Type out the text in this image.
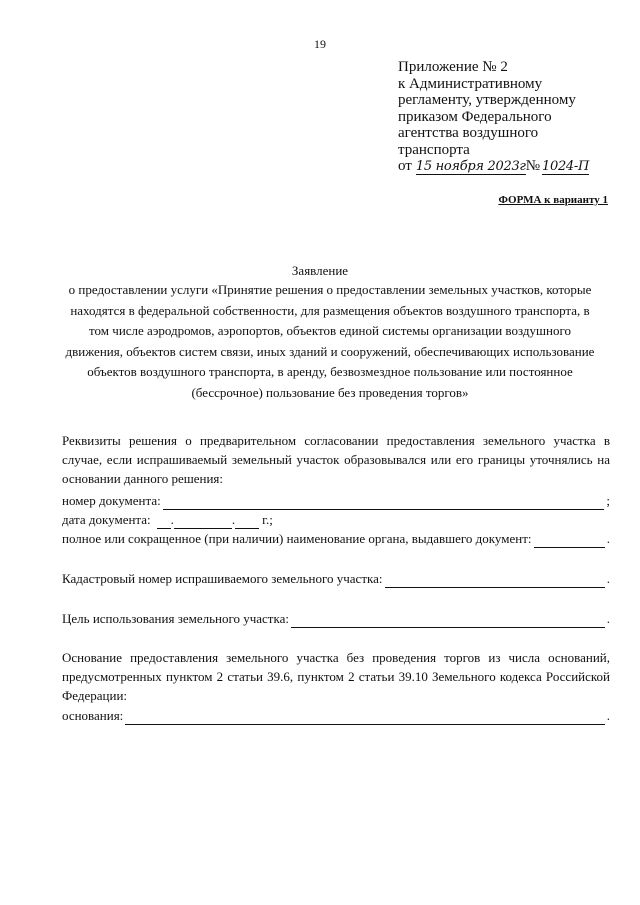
19
Приложение № 2
к Административному
регламенту, утвержденному
приказом Федерального
агентства воздушного
транспорта
от 15 ноября 2023г № 1024-П
ФОРМА к варианту 1
Заявление
о предоставлении услуги «Принятие решения о предоставлении земельных участков, которые находятся в федеральной собственности, для размещения объектов воздушного транспорта, в том числе аэродромов, аэропортов, объектов единой системы организации воздушного движения, объектов систем связи, иных зданий и сооружений, обеспечивающих использование объектов воздушного транспорта, в аренду, безвозмездное пользование или постоянное (бессрочное) пользование без проведения торгов»
Реквизиты решения о предварительном согласовании предоставления земельного участка в случае, если испрашиваемый земельный участок образовывался или его границы уточнялись на основании данного решения:
номер документа:	;
дата документа: .	. г.;
полное или сокращенное (при наличии) наименование органа, выдавшего документ:	.
Кадастровый номер испрашиваемого земельного участка:	.
Цель использования земельного участка:	.
Основание предоставления земельного участка без проведения торгов из числа оснований, предусмотренных пунктом 2 статьи 39.6, пунктом 2 статьи 39.10 Земельного кодекса Российской Федерации:
основания:	.
